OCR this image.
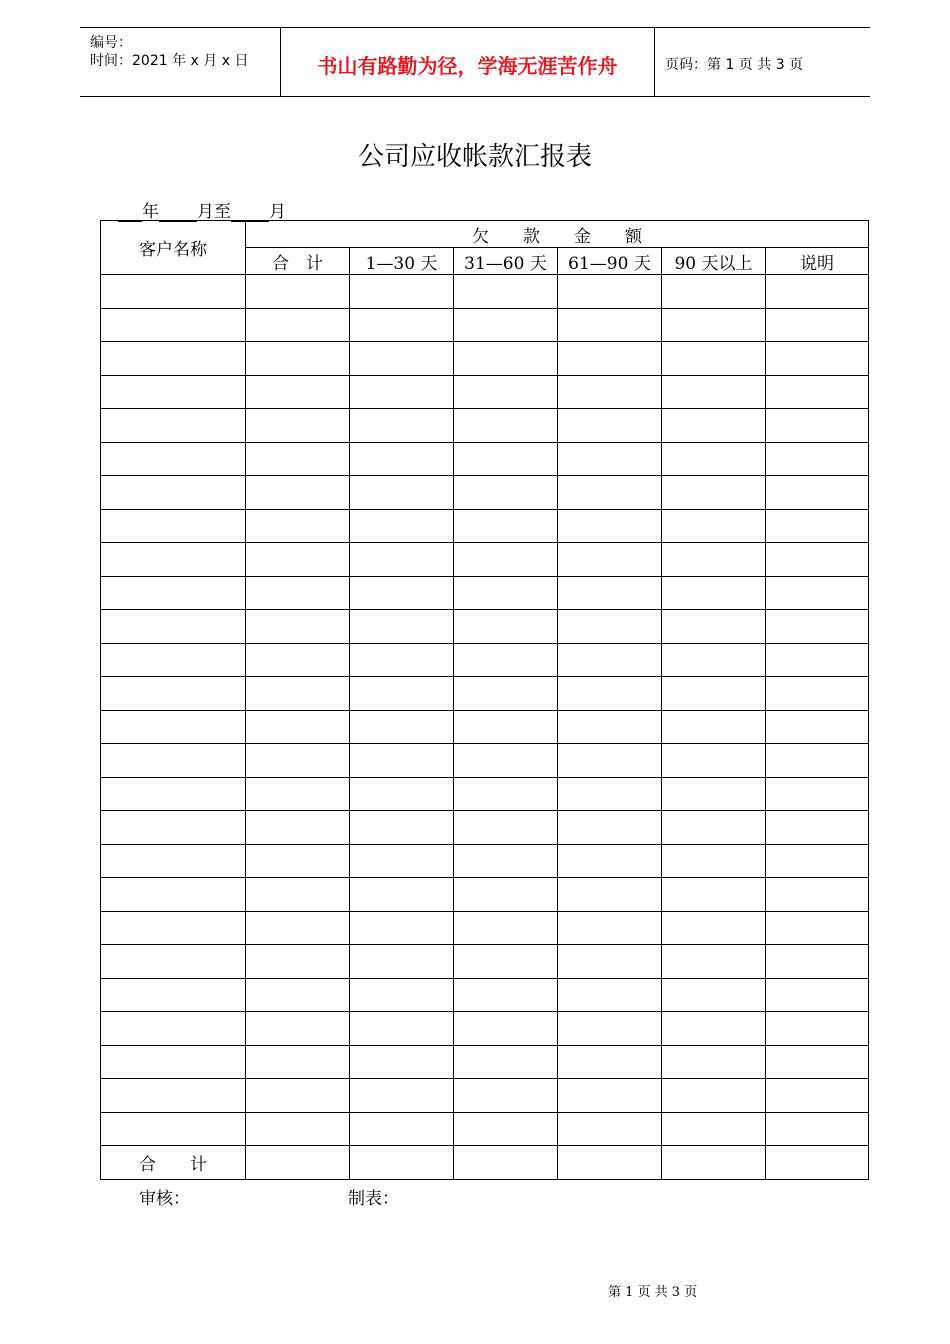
编号：
时间：2021 年 x 月 x 日	书山有路勤为径，学海无涯苦作舟	页码：第 1 页 共 3 页
公司应收帐款汇报表
年 月至 月
客户名称	欠　　款　　金　　额					
	合　计	1—30 天	31—60 天	61—90 天	90 天以上	说明

合　　计						
审核：	制表：
第 1 页 共 3 页
